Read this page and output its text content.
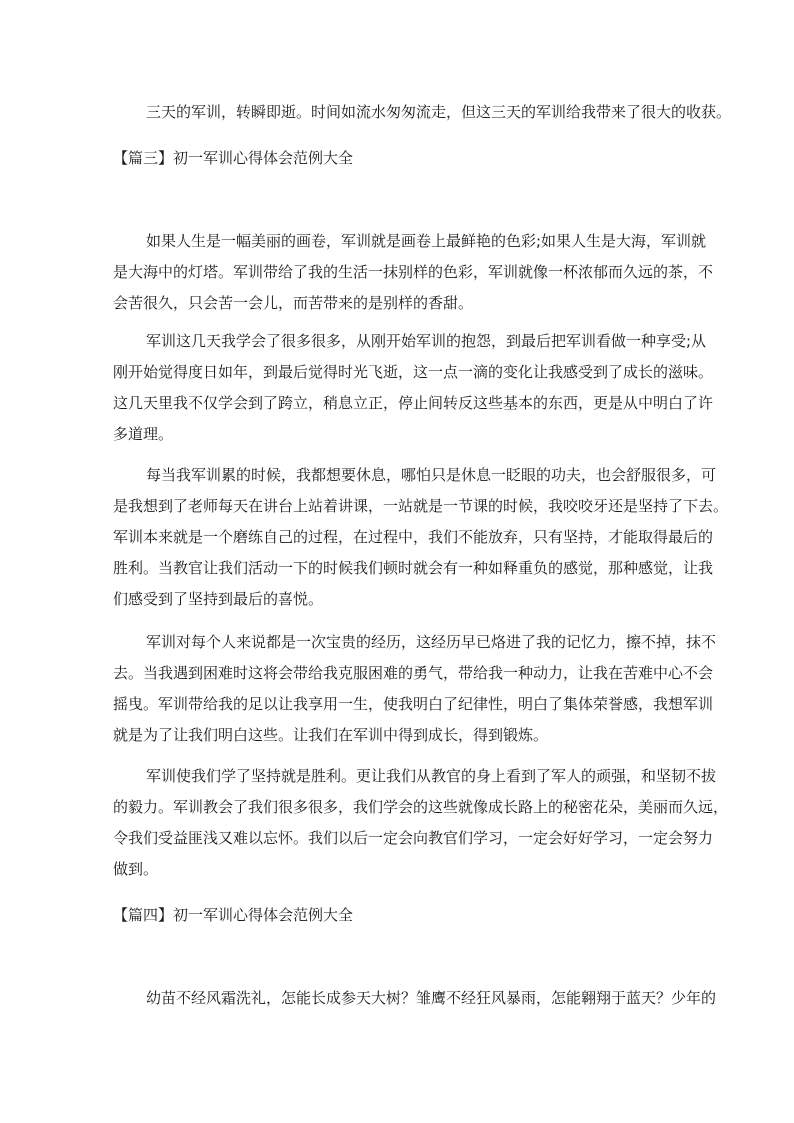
三天的军训，转瞬即逝。时间如流水匆匆流走，但这三天的军训给我带来了很大的收获。

【篇三】初一军训心得体会范例大全

如果人生是一幅美丽的画卷，军训就是画卷上最鲜艳的色彩;如果人生是大海，军训就
是大海中的灯塔。军训带给了我的生活一抹别样的色彩，军训就像一杯浓郁而久远的茶，不
会苦很久，只会苦一会儿，而苦带来的是别样的香甜。

军训这几天我学会了很多很多，从刚开始军训的抱怨，到最后把军训看做一种享受;从
刚开始觉得度日如年，到最后觉得时光飞逝，这一点一滴的变化让我感受到了成长的滋味。
这几天里我不仅学会到了跨立，稍息立正，停止间转反这些基本的东西，更是从中明白了许
多道理。

每当我军训累的时候，我都想要休息，哪怕只是休息一眨眼的功夫，也会舒服很多，可
是我想到了老师每天在讲台上站着讲课，一站就是一节课的时候，我咬咬牙还是坚持了下去。
军训本来就是一个磨练自己的过程，在过程中，我们不能放弃，只有坚持，才能取得最后的
胜利。当教官让我们活动一下的时候我们顿时就会有一种如释重负的感觉，那种感觉，让我
们感受到了坚持到最后的喜悦。

军训对每个人来说都是一次宝贵的经历，这经历早已烙进了我的记忆力，擦不掉，抹不
去。当我遇到困难时这将会带给我克服困难的勇气，带给我一种动力，让我在苦难中心不会
摇曳。军训带给我的足以让我享用一生，使我明白了纪律性，明白了集体荣誉感，我想军训
就是为了让我们明白这些。让我们在军训中得到成长，得到锻炼。

军训使我们学了坚持就是胜利。更让我们从教官的身上看到了军人的顽强，和坚韧不拔
的毅力。军训教会了我们很多很多，我们学会的这些就像成长路上的秘密花朵，美丽而久远，
令我们受益匪浅又难以忘怀。我们以后一定会向教官们学习，一定会好好学习，一定会努力
做到。

【篇四】初一军训心得体会范例大全

幼苗不经风霜洗礼，怎能长成参天大树？雏鹰不经狂风暴雨，怎能翱翔于蓝天？少年的
